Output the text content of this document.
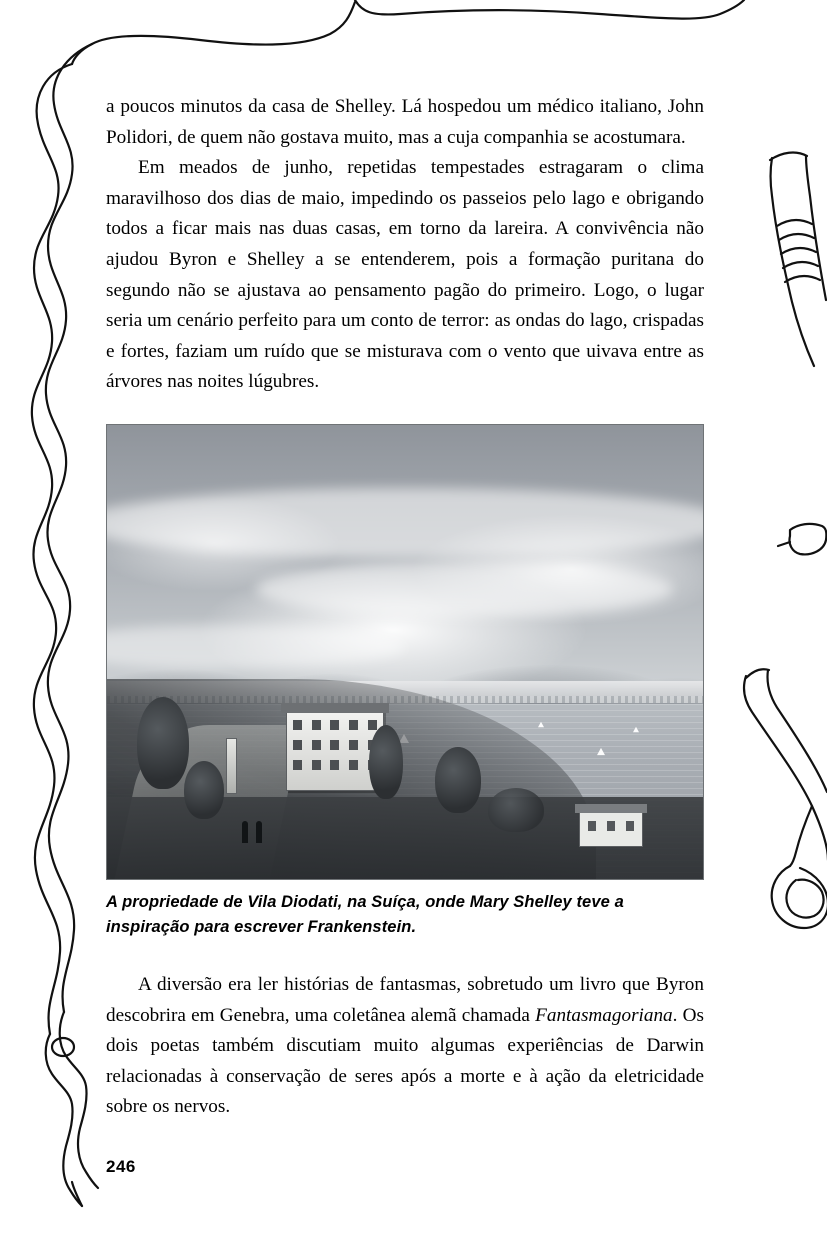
a poucos minutos da casa de Shelley. Lá hospedou um médico italiano, John Polidori, de quem não gostava muito, mas a cuja companhia se acostumara.

Em meados de junho, repetidas tempestades estragaram o clima maravilhoso dos dias de maio, impedindo os passeios pelo lago e obrigando todos a ficar mais nas duas casas, em torno da lareira. A convivência não ajudou Byron e Shelley a se entenderem, pois a formação puritana do segundo não se ajustava ao pensamento pagão do primeiro. Logo, o lugar seria um cenário perfeito para um conto de terror: as ondas do lago, crispadas e fortes, faziam um ruído que se misturava com o vento que uivava entre as árvores nas noites lúgubres.

A propriedade de Vila Diodati, na Suíça, onde Mary Shelley teve a inspiração para escrever Frankenstein.

A diversão era ler histórias de fantasmas, sobretudo um livro que Byron descobrira em Genebra, uma coletânea alemã chamada Fantasmagoriana. Os dois poetas também discutiam muito algumas experiências de Darwin relacionadas à conservação de seres após a morte e à ação da eletricidade sobre os nervos.

246
